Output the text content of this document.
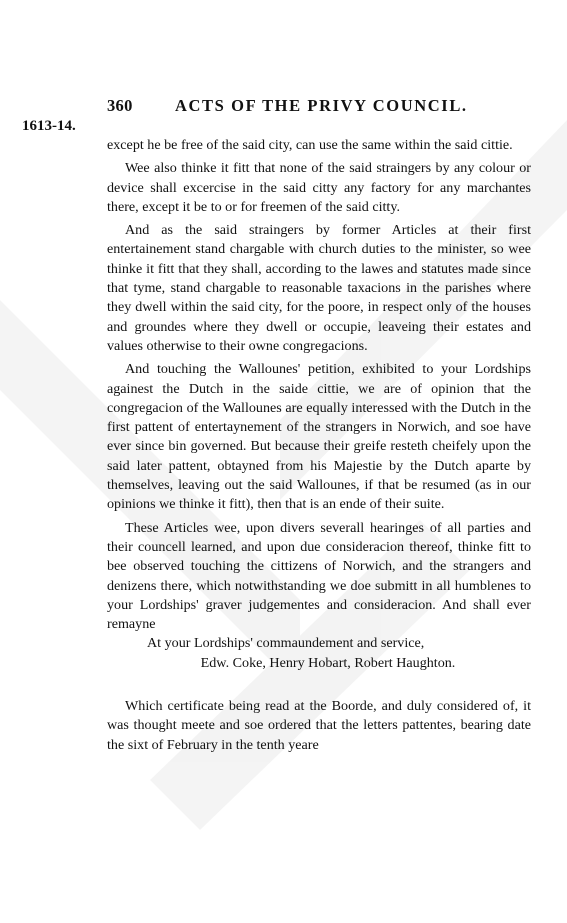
360	ACTS OF THE PRIVY COUNCIL.
1613-14.

except he be free of the said city, can use the same within the said cittie.

Wee also thinke it fitt that none of the said straingers by any colour or device shall excercise in the said citty any factory for any marchantes there, except it be to or for freemen of the said citty.

And as the said straingers by former Articles at their first entertainement stand chargable with church duties to the minister, so wee thinke it fitt that they shall, according to the lawes and statutes made since that tyme, stand chargable to reasonable taxacions in the parishes where they dwell within the said city, for the poore, in respect only of the houses and groundes where they dwell or occupie, leaveing their estates and values otherwise to their owne congregacions.

And touching the Wallounes' petition, exhibited to your Lordships againest the Dutch in the saide cittie, we are of opinion that the congregacion of the Wallounes are equally interessed with the Dutch in the first pattent of entertaynement of the strangers in Norwich, and soe have ever since bin governed. But because their greife resteth cheifely upon the said later pattent, obtayned from his Majestie by the Dutch aparte by themselves, leaving out the said Wallounes, if that be resumed (as in our opinions we thinke it fitt), then that is an ende of their suite.

These Articles wee, upon divers severall hearinges of all parties and their councell learned, and upon due consideracion thereof, thinke fitt to bee observed touching the cittizens of Norwich, and the strangers and denizens there, which notwithstanding we doe submitt in all humblenes to your Lordships' graver judgementes and consideracion. And shall ever remayne

At your Lordships' commaundement and service,

Edw. Coke, Henry Hobart, Robert Haughton.

Which certificate being read at the Boorde, and duly considered of, it was thought meete and soe ordered that the letters pattentes, bearing date the sixt of February in the tenth yeare
